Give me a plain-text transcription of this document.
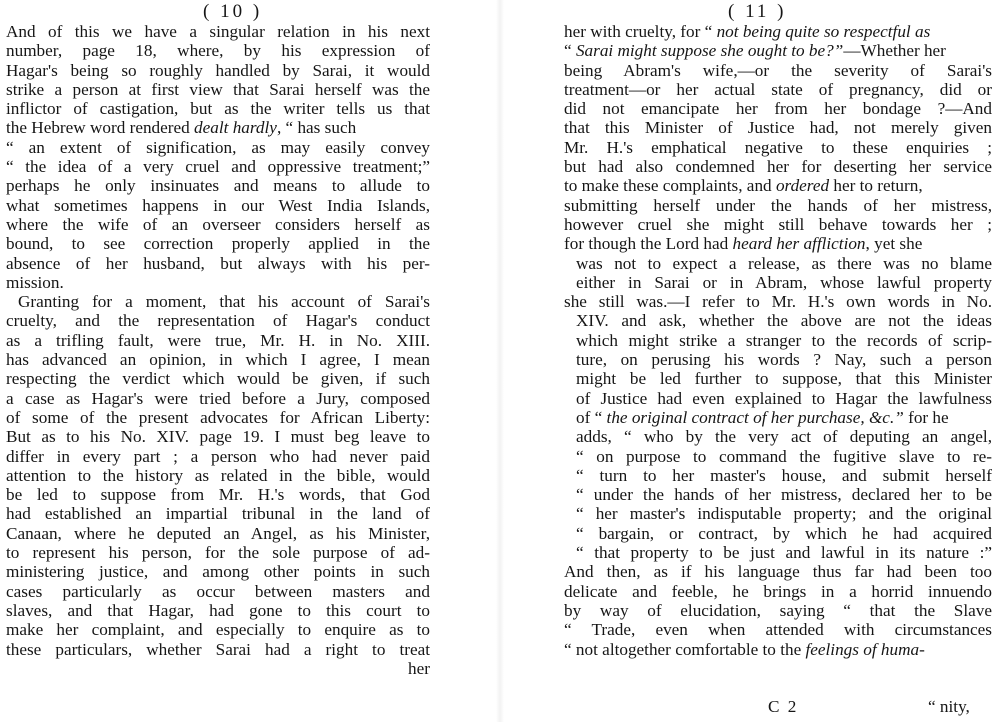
( 10 )

And of this we have a singular relation in his next
number, page 18, where, by his expression of
Hagar's being so roughly handled by Sarai, it would
strike a person at first view that Sarai herself was the
inflictor of castigation, but as the writer tells us that
the Hebrew word rendered dealt hardly, “ has such
“ an extent of signification, as may easily convey
“ the idea of a very cruel and oppressive treatment;”
perhaps he only insinuates and means to allude to
what sometimes happens in our West India Islands,
where the wife of an overseer considers herself as
bound, to see correction properly applied in the
absence of her husband, but always with his per-
mission.
Granting for a moment, that his account of Sarai's
cruelty, and the representation of Hagar's conduct
as a trifling fault, were true, Mr. H. in No. XIII.
has advanced an opinion, in which I agree, I mean
respecting the verdict which would be given, if such
a case as Hagar's were tried before a Jury, composed
of some of the present advocates for African Liberty:
But as to his No. XIV. page 19. I must beg leave to
differ in every part ; a person who had never paid
attention to the history as related in the bible, would
be led to suppose from Mr. H.'s words, that God
had established an impartial tribunal in the land of
Canaan, where he deputed an Angel, as his Minister,
to represent his person, for the sole purpose of ad-
ministering justice, and among other points in such
cases particularly as occur between masters and
slaves, and that Hagar, had gone to this court to
make her complaint, and especially to enquire as to
these particulars, whether Sarai had a right to treat
her

( 11 )

her with cruelty, for “ not being quite so respectful as
“ Sarai might suppose she ought to be?”—Whether her
being Abram's wife,—or the severity of Sarai's
treatment—or her actual state of pregnancy, did or
did not emancipate her from her bondage ?—And
that this Minister of Justice had, not merely given
Mr. H.'s emphatical negative to these enquiries ;
but had also condemned her for deserting her service
to make these complaints, and ordered her to return,
submitting herself under the hands of her mistress,
however cruel she might still behave towards her ;
for though the Lord had heard her affliction, yet she
was not to expect a release, as there was no blame
either in Sarai or in Abram, whose lawful property
she still was.—I refer to Mr. H.'s own words in No.
XIV. and ask, whether the above are not the ideas
which might strike a stranger to the records of scrip-
ture, on perusing his words ? Nay, such a person
might be led further to suppose, that this Minister
of Justice had even explained to Hagar the lawfulness
of “ the original contract of her purchase, &c.” for he
adds, “ who by the very act of deputing an angel,
“ on purpose to command the fugitive slave to re-
“ turn to her master's house, and submit herself
“ under the hands of her mistress, declared her to be
“ her master's indisputable property; and the original
“ bargain, or contract, by which he had acquired
“ that property to be just and lawful in its nature :”
And then, as if his language thus far had been too
delicate and feeble, he brings in a horrid innuendo
by way of elucidation, saying “ that the Slave
“ Trade, even when attended with circumstances
“ not altogether comfortable to the feelings of huma-

C 2	“ nity,
